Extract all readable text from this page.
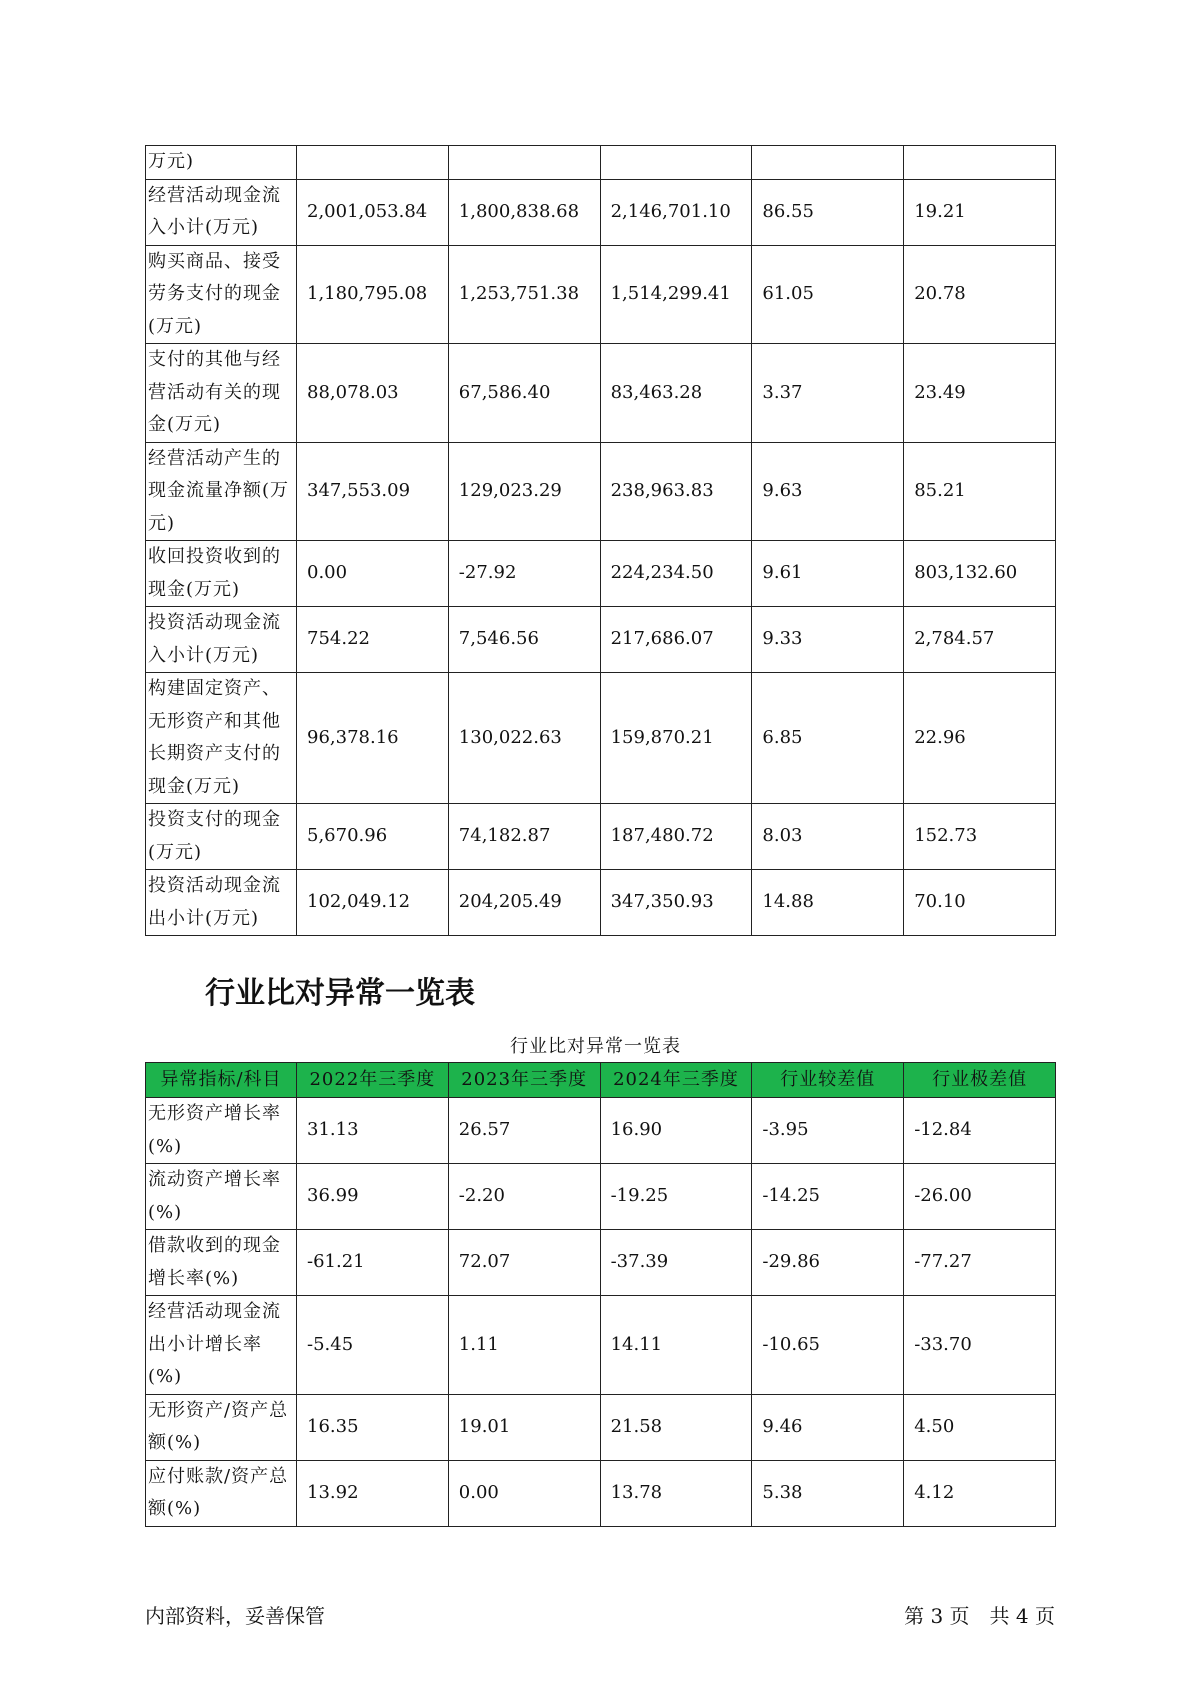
万元)					
经营活动现金流入小计(万元)	2,001,053.84	1,800,838.68	2,146,701.10	86.55	19.21
购买商品、接受劳务支付的现金(万元)	1,180,795.08	1,253,751.38	1,514,299.41	61.05	20.78
支付的其他与经营活动有关的现金(万元)	88,078.03	67,586.40	83,463.28	3.37	23.49
经营活动产生的现金流量净额(万元)	347,553.09	129,023.29	238,963.83	9.63	85.21
收回投资收到的现金(万元)	0.00	-27.92	224,234.50	9.61	803,132.60
投资活动现金流入小计(万元)	754.22	7,546.56	217,686.07	9.33	2,784.57
构建固定资产、无形资产和其他长期资产支付的现金(万元)	96,378.16	130,022.63	159,870.21	6.85	22.96
投资支付的现金(万元)	5,670.96	74,182.87	187,480.72	8.03	152.73
投资活动现金流出小计(万元)	102,049.12	204,205.49	347,350.93	14.88	70.10
行业比对异常一览表
行业比对异常一览表
异常指标/科目	2022年三季度	2023年三季度	2024年三季度	行业较差值	行业极差值
无形资产增长率(%)	31.13	26.57	16.90	-3.95	-12.84
流动资产增长率(%)	36.99	-2.20	-19.25	-14.25	-26.00
借款收到的现金增长率(%)	-61.21	72.07	-37.39	-29.86	-77.27
经营活动现金流出小计增长率(%)	-5.45	1.11	14.11	-10.65	-33.70
无形资产/资产总额(%)	16.35	19.01	21.58	9.46	4.50
应付账款/资产总额(%)	13.92	0.00	13.78	5.38	4.12
内部资料，妥善保管	第 3 页　共 4 页
